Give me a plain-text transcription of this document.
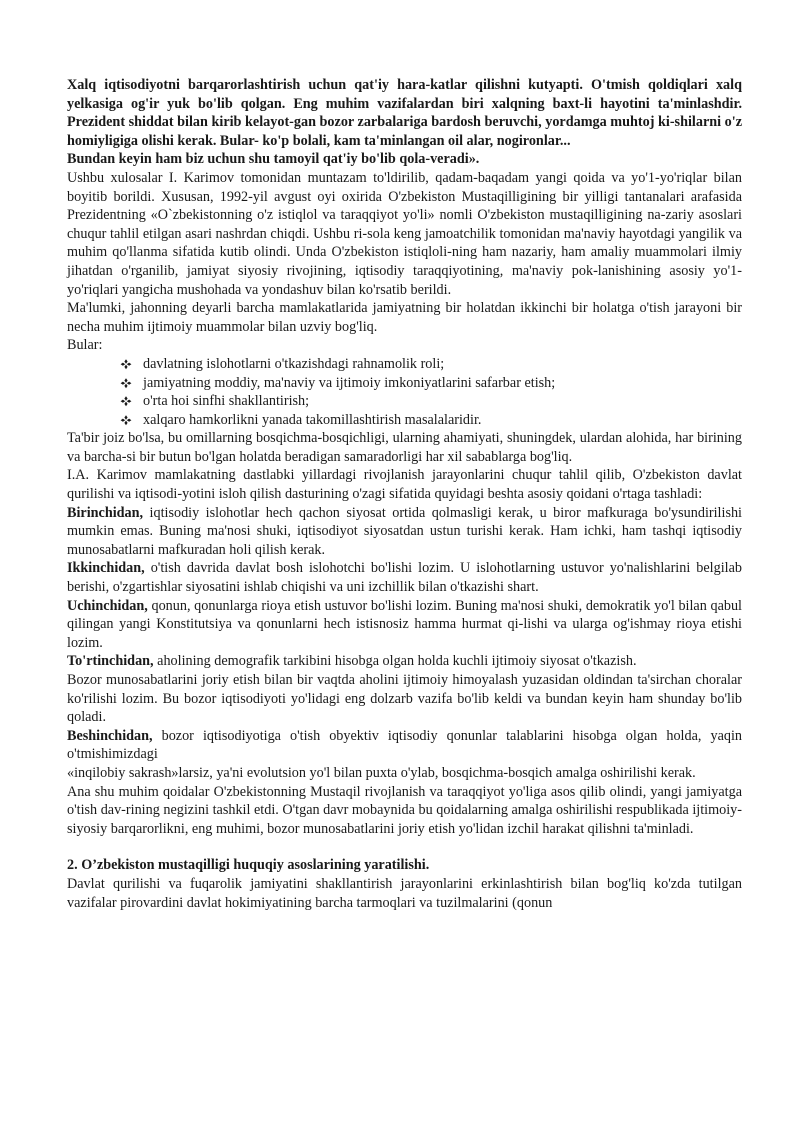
Xalq iqtisodiyotni barqarorlashtirish uchun qat'iy hara-katlar qilishni kutyapti. O'tmish qoldiqlari xalq yelkasiga og'ir yuk bo'lib qolgan. Eng muhim vazifalardan biri xalqning baxt-li hayotini ta'minlashdir. Prezident shiddat bilan kirib kelayot-gan bozor zarbalariga bardosh beruvchi, yordamga muhtoj ki-shilarni o'z homiyligiga olishi kerak. Bular- ko'p bolali, kam ta'minlangan oil alar, nogironlar...

Bundan keyin ham biz uchun shu tamoyil qat'iy bo'lib qola-veradi».

Ushbu xulosalar I. Karimov tomonidan muntazam to'ldirilib, qadam-baqadam yangi qoida va yo'1-yo'riqlar bilan boyitib borildi. Xususan, 1992-yil avgust oyi oxirida O'zbekiston Mustaqilligining bir yilligi tantanalari arafasida Prezidentning «O`zbekistonning o'z istiqlol va taraqqiyot yo'li» nomli O'zbekiston mustaqilligining na-zariy asoslari chuqur tahlil etilgan asari nashrdan chiqdi. Ushbu ri-sola keng jamoatchilik tomonidan ma'naviy hayotdagi yangilik va muhim qo'llanma sifatida kutib olindi. Unda O'zbekiston istiqloli-ning ham nazariy, ham amaliy muammolari ilmiy jihatdan o'rganilib, jamiyat siyosiy rivojining, iqtisodiy taraqqiyotining, ma'naviy pok-lanishining asosiy yo'1-yo'riqlari yangicha mushohada va yondashuv bilan ko'rsatib berildi.

Ma'lumki, jahonning deyarli barcha mamlakatlarida jamiyatning bir holatdan ikkinchi bir holatga o'tish jarayoni bir necha muhim ijtimoiy muammolar bilan uzviy bog'liq.

Bular:

davlatning islohotlarni o'tkazishdagi rahnamolik roli;
jamiyatning moddiy, ma'naviy va ijtimoiy imkoniyatlarini safarbar etish;
o'rta hoi sinfhi shakllantirish;
xalqaro hamkorlikni yanada takomillashtirish masalalaridir.

Ta'bir joiz bo'lsa, bu omillarning bosqichma-bosqichligi, ularning ahamiyati, shuningdek, ulardan alohida, har birining va barcha-si bir butun bo'lgan holatda beradigan samaradorligi har xil sabablarga bog'liq.

I.A. Karimov mamlakatning dastlabki yillardagi rivojlanish jarayonlarini chuqur tahlil qilib, O'zbekiston davlat qurilishi va iqtisodi-yotini isloh qilish dasturining o'zagi sifatida quyidagi beshta asosiy qoidani o'rtaga tashladi:

Birinchidan, iqtisodiy islohotlar hech qachon siyosat ortida qolmasligi kerak, u biror mafkuraga bo'ysundirilishi mumkin emas. Buning ma'nosi shuki, iqtisodiyot siyosatdan ustun turishi kerak. Ham ichki, ham tashqi iqtisodiy munosabatlarni mafkuradan holi qilish kerak.

Ikkinchidan, o'tish davrida davlat bosh islohotchi bo'lishi lozim. U islohotlarning ustuvor yo'nalishlarini belgilab berishi, o'zgartishlar siyosatini ishlab chiqishi va uni izchillik bilan o'tkazishi shart.

Uchinchidan, qonun, qonunlarga rioya etish ustuvor bo'lishi lozim. Buning ma'nosi shuki, demokratik yo'l bilan qabul qilingan yangi Konstitutsiya va qonunlarni hech istisnosiz hamma hurmat qi-lishi va ularga og'ishmay rioya etishi lozim.

To'rtinchidan, aholining demografik tarkibini hisobga olgan holda kuchli ijtimoiy siyosat o'tkazish.

Bozor munosabatlarini joriy etish bilan bir vaqtda aholini ijtimoiy himoyalash yuzasidan oldindan ta'sirchan choralar ko'rilishi lozim. Bu bozor iqtisodiyoti yo'lidagi eng dolzarb vazifa bo'lib keldi va bundan keyin ham shunday bo'lib qoladi.

Beshinchidan, bozor iqtisodiyotiga o'tish obyektiv iqtisodiy qonunlar talablarini hisobga olgan holda, yaqin o'tmishimizdagi

«inqilobiy sakrash»larsiz, ya'ni evolutsion yo'l bilan puxta o'ylab, bosqichma-bosqich amalga oshirilishi kerak.

Ana shu muhim qoidalar O'zbekistonning Mustaqil rivojlanish va taraqqiyot yo'liga asos qilib olindi, yangi jamiyatga o'tish dav-rining negizini tashkil etdi. O'tgan davr mobaynida bu qoidalarning amalga oshirilishi respublikada ijtimoiy-siyosiy barqarorlikni, eng muhimi, bozor munosabatlarini joriy etish yo'lidan izchil harakat qilishni ta'minladi.

2. O’zbekiston mustaqilligi huquqiy asoslarining yaratilishi.

Davlat qurilishi va fuqarolik jamiyatini shakllantirish jarayonlarini erkinlashtirish bilan bog'liq ko'zda tutilgan vazifalar pirovardini davlat hokimiyatining barcha tarmoqlari va tuzilmalarini (qonun
